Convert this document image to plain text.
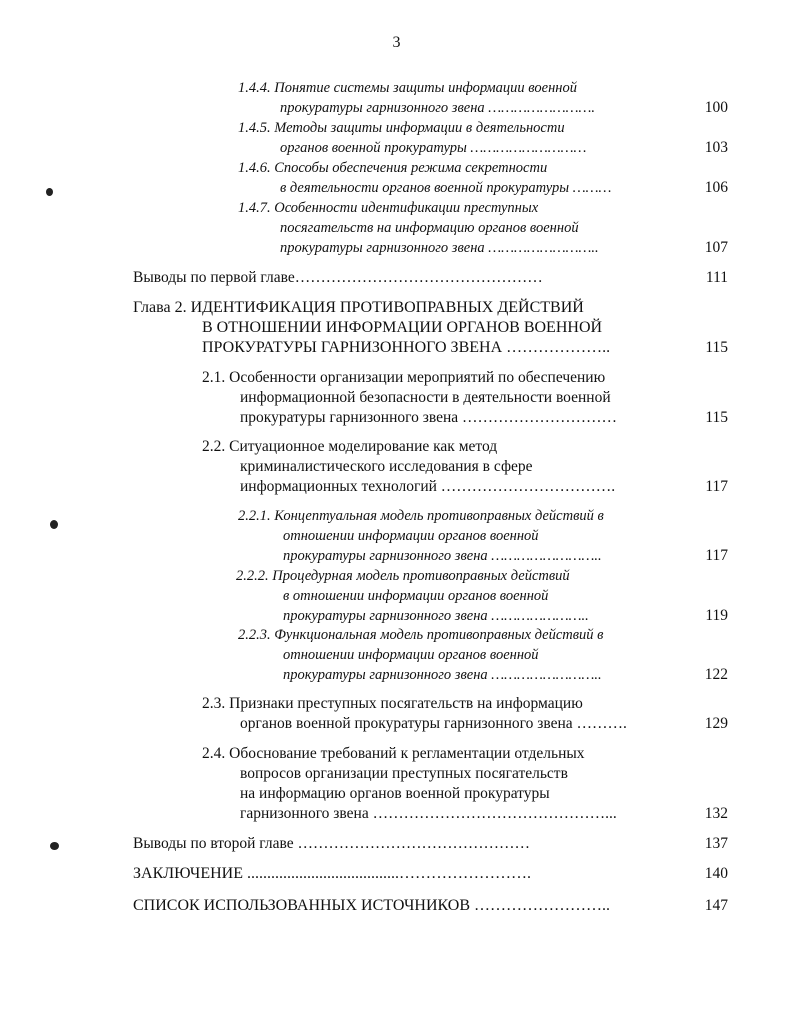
3
1.4.4. Понятие системы защиты информации военной
прокуратуры гарнизонного звена …………………….	100
1.4.5. Методы защиты информации в деятельности
органов военной прокуратуры ………………………	103
1.4.6. Способы обеспечения режима секретности
в деятельности органов военной прокуратуры ………	106
1.4.7. Особенности идентификации преступных
посягательств на информацию органов военной
прокуратуры гарнизонного звена ……………………..	107
Выводы по первой главе…………………………………………	111
Глава 2. ИДЕНТИФИКАЦИЯ ПРОТИВОПРАВНЫХ ДЕЙСТВИЙ
В ОТНОШЕНИИ ИНФОРМАЦИИ ОРГАНОВ ВОЕННОЙ
ПРОКУРАТУРЫ ГАРНИЗОННОГО ЗВЕНА ………………..	115
2.1. Особенности организации мероприятий по обеспечению
информационной безопасности в деятельности военной
прокуратуры гарнизонного звена …………………………	115
2.2. Ситуационное моделирование как метод
криминалистического исследования в сфере
информационных технологий …………………………….	117
2.2.1. Концептуальная модель противоправных действий в
отношении информации органов военной
прокуратуры гарнизонного звена ……………………..	117
2.2.2. Процедурная модель противоправных действий
в отношении информации органов военной
прокуратуры гарнизонного звена …………………..	119
2.2.3. Функциональная модель противоправных действий в
отношении информации органов военной
прокуратуры гарнизонного звена ……………………..	122
2.3. Признаки преступных посягательств на информацию
органов военной прокуратуры гарнизонного звена ……….	129
2.4. Обоснование требований к регламентации отдельных
вопросов организации преступных посягательств
на информацию органов военной прокуратуры
гарнизонного звена ………………………………………...	132
Выводы по второй главе ………………………………………	137
ЗАКЛЮЧЕНИЕ ......................................…………………….	140
СПИСОК ИСПОЛЬЗОВАННЫХ ИСТОЧНИКОВ ……………………..	147
